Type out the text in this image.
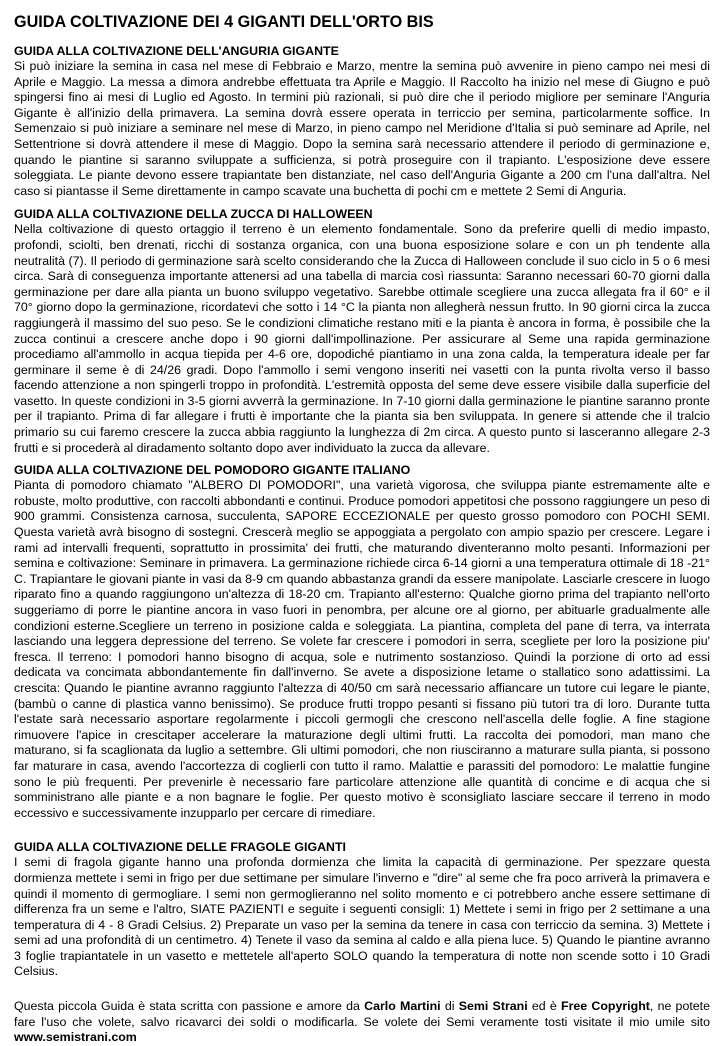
GUIDA COLTIVAZIONE DEI 4 GIGANTI DELL'ORTO BIS
GUIDA ALLA COLTIVAZIONE DELL'ANGURIA GIGANTE

Si può iniziare la semina in casa nel mese di Febbraio e Marzo, mentre la semina può avvenire in pieno campo nei mesi di Aprile e Maggio. La messa a dimora andrebbe effettuata tra Aprile e Maggio. Il Raccolto ha inizio nel mese di Giugno e può spingersi fino ai mesi di Luglio ed Agosto. In termini più razionali, si può dire che il periodo migliore per seminare l'Anguria Gigante è all'inizio della primavera. La semina dovrà essere operata in terriccio per semina, particolarmente soffice. In Semenzaio si può iniziare a seminare nel mese di Marzo, in pieno campo nel Meridione d'Italia si può seminare ad Aprile, nel Settentrione si dovrà attendere il mese di Maggio. Dopo la semina sarà necessario attendere il periodo di germinazione e, quando le piantine si saranno sviluppate a sufficienza, si potrà proseguire con il trapianto. L'esposizione deve essere soleggiata. Le piante devono essere trapiantate ben distanziate, nel caso dell'Anguria Gigante a 200 cm l'una dall'altra. Nel caso si piantasse il Seme direttamente in campo scavate una buchetta di pochi cm e mettete 2 Semi di Anguria.

GUIDA ALLA COLTIVAZIONE DELLA ZUCCA DI HALLOWEEN

Nella coltivazione di questo ortaggio il terreno è un elemento fondamentale. Sono da preferire quelli di medio impasto, profondi, sciolti, ben drenati, ricchi di sostanza organica, con una buona esposizione solare e con un ph tendente alla neutralità (7). Il periodo di germinazione sarà scelto considerando che la Zucca di Halloween conclude il suo ciclo in 5 o 6 mesi circa. Sarà di conseguenza importante attenersi ad una tabella di marcia così riassunta: Saranno necessari 60-70 giorni dalla germinazione per dare alla pianta un buono sviluppo vegetativo. Sarebbe ottimale scegliere una zucca allegata fra il 60° e il 70° giorno dopo la germinazione, ricordatevi che sotto i 14 °C la pianta non allegherà nessun frutto. In 90 giorni circa la zucca raggiungerà il massimo del suo peso. Se le condizioni climatiche restano miti e la pianta è ancora in forma, è possibile che la zucca continui a crescere anche dopo i 90 giorni dall'impollinazione. Per assicurare al Seme una rapida germinazione procediamo all'ammollo in acqua tiepida per 4-6 ore, dopodiché piantiamo in una zona calda, la temperatura ideale per far germinare il seme è di 24/26 gradi. Dopo l'ammollo i semi vengono inseriti nei vasetti con la punta rivolta verso il basso facendo attenzione a non spingerli troppo in profondità. L'estremità opposta del seme deve essere visibile dalla superficie del vasetto. In queste condizioni in 3-5 giorni avverrà la germinazione. In 7-10 giorni dalla germinazione le piantine saranno pronte per il trapianto. Prima di far allegare i frutti è importante che la pianta sia ben sviluppata. In genere si attende che il tralcio primario su cui faremo crescere la zucca abbia raggiunto la lunghezza di 2m circa. A questo punto si lasceranno allegare 2-3 frutti e si procederà al diradamento soltanto dopo aver individuato la zucca da allevare.

GUIDA ALLA COLTIVAZIONE DEL POMODORO GIGANTE ITALIANO

Pianta di pomodoro chiamato "ALBERO DI POMODORI", una varietà vigorosa, che sviluppa piante estremamente alte e robuste, molto produttive, con raccolti abbondanti e continui. Produce pomodori appetitosi che possono raggiungere un peso di 900 grammi. Consistenza carnosa, succulenta, SAPORE ECCEZIONALE per questo grosso pomodoro con POCHI SEMI. Questa varietà avrà bisogno di sostegni. Crescerà meglio se appoggiata a pergolato con ampio spazio per crescere. Legare i rami ad intervalli frequenti, soprattutto in prossimita' dei frutti, che maturando diventeranno molto pesanti. Informazioni per semina e coltivazione: Seminare in primavera. La germinazione richiede circa 6-14 giorni a una temperatura ottimale di 18 -21° C. Trapiantare le giovani piante in vasi da 8-9 cm quando abbastanza grandi da essere manipolate. Lasciarle crescere in luogo riparato fino a quando raggiungono un'altezza di 18-20 cm. Trapianto all'esterno: Qualche giorno prima del trapianto nell'orto suggeriamo di porre le piantine ancora in vaso fuori in penombra, per alcune ore al giorno, per abituarle gradualmente alle condizioni esterne.Scegliere un terreno in posizione calda e soleggiata. La piantina, completa del pane di terra, va interrata lasciando una leggera depressione del terreno. Se volete far crescere i pomodori in serra, scegliete per loro la posizione piu' fresca. Il terreno: I pomodori hanno bisogno di acqua, sole e nutrimento sostanzioso. Quindi la porzione di orto ad essi dedicata va concimata abbondantemente fin dall'inverno. Se avete a disposizione letame o stallatico sono adattissimi. La crescita: Quando le piantine avranno raggiunto l'altezza di 40/50 cm sarà necessario affiancare un tutore cui legare le piante, (bambù o canne di plastica vanno benissimo). Se produce frutti troppo pesanti si fissano più tutori tra di loro. Durante tutta l'estate sarà necessario asportare regolarmente i piccoli germogli che crescono nell'ascella delle foglie. A fine stagione rimuovere l'apice in crescitaper accelerare la maturazione degli ultimi frutti. La raccolta dei pomodori, man mano che maturano, si fa scaglionata da luglio a settembre. Gli ultimi pomodori, che non riusciranno a maturare sulla pianta, si possono far maturare in casa, avendo l'accortezza di coglierli con tutto il ramo. Malattie e parassiti del pomodoro: Le malattie fungine sono le più frequenti. Per prevenirle è necessario fare particolare attenzione alle quantità di concime e di acqua che si somministrano alle piante e a non bagnare le foglie. Per questo motivo è sconsigliato lasciare seccare il terreno in modo eccessivo e successivamente inzupparlo per cercare di rimediare.

GUIDA ALLA COLTIVAZIONE DELLE FRAGOLE GIGANTI

I semi di fragola gigante hanno una profonda dormienza che limita la capacità di germinazione. Per spezzare questa dormienza mettete i semi in frigo per due settimane per simulare l'inverno e "dire" al seme che fra poco arriverà la primavera e quindi il momento di germogliare. I semi non germoglieranno nel solito momento e ci potrebbero anche essere settimane di differenza fra un seme e l'altro, SIATE PAZIENTI e seguite i seguenti consigli: 1) Mettete i semi in frigo per 2 settimane a una temperatura di 4 - 8 Gradi Celsius. 2) Preparate un vaso per la semina da tenere in casa con terriccio da semina. 3) Mettete i semi ad una profondità di un centimetro. 4) Tenete il vaso da semina al caldo e alla piena luce. 5) Quando le piantine avranno 3 foglie trapiantatele in un vasetto e mettetele all'aperto SOLO quando la temperatura di notte non scende sotto i 10 Gradi Celsius.

Questa piccola Guida è stata scritta con passione e amore da Carlo Martini di Semi Strani ed è Free Copyright, ne potete fare l'uso che volete, salvo ricavarci dei soldi o modificarla. Se volete dei Semi veramente tosti visitate il mio umile sito www.semistrani.com
